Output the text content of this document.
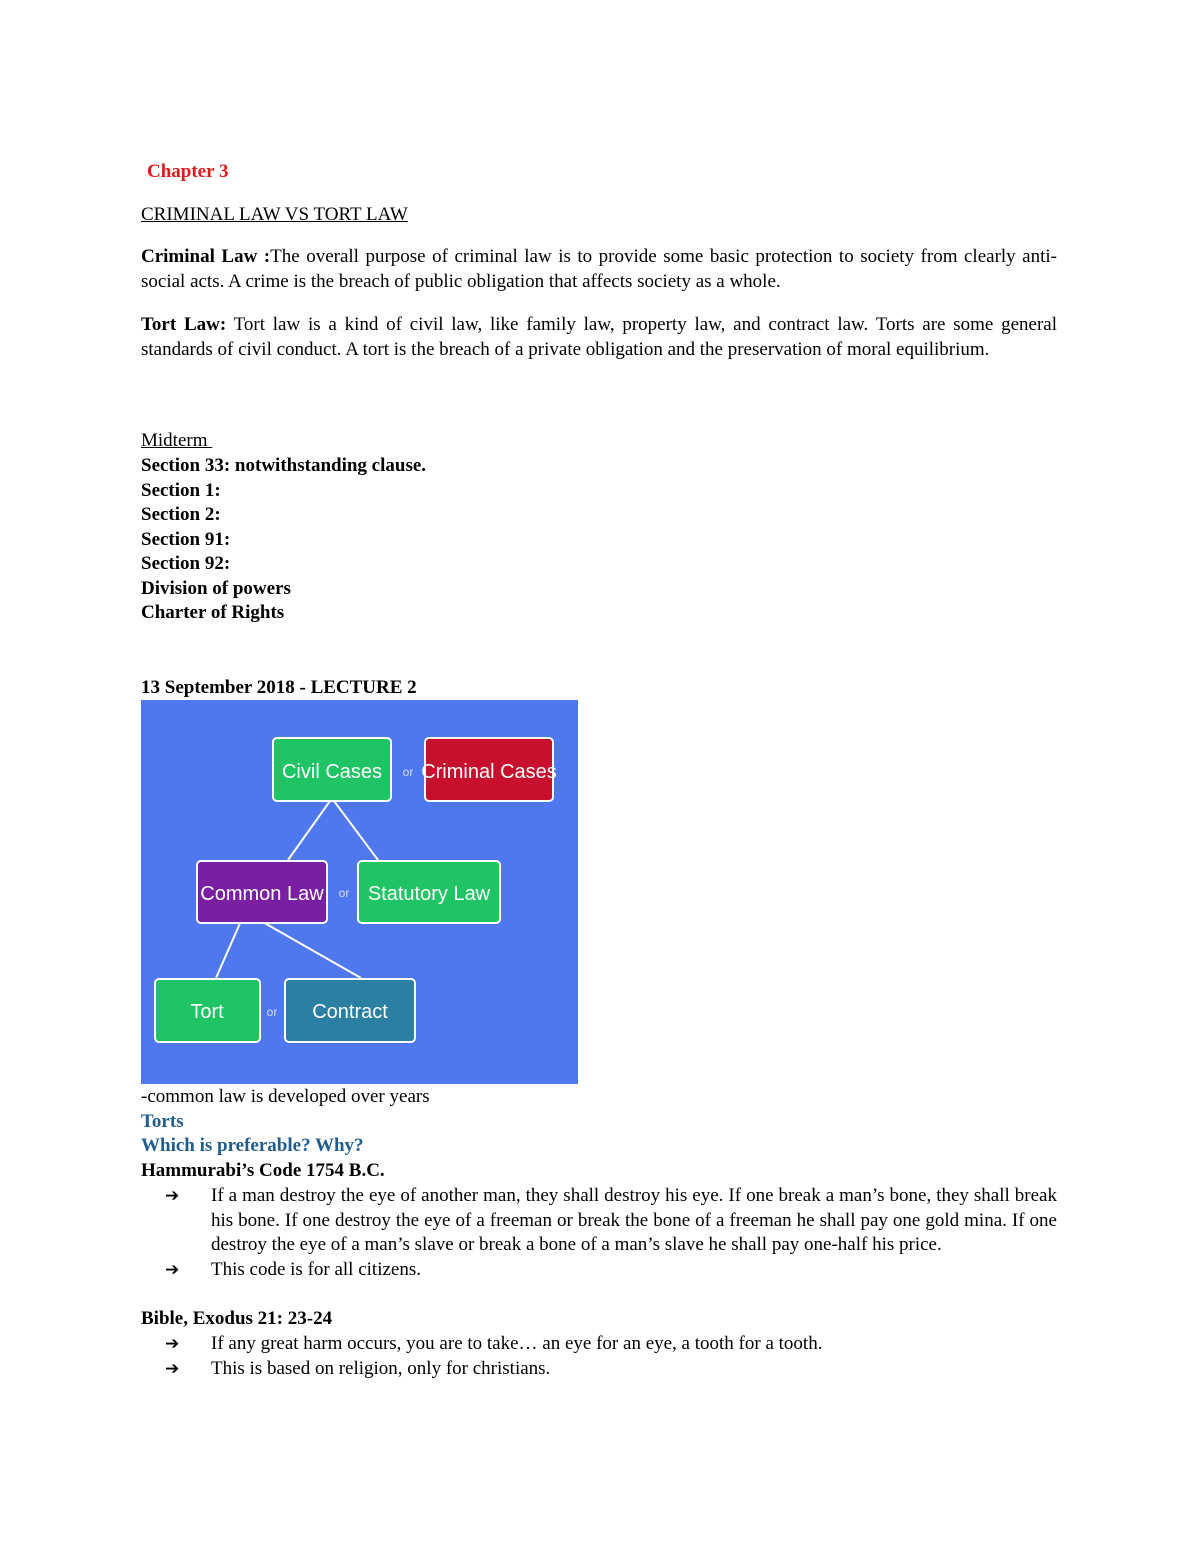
Chapter 3
CRIMINAL LAW VS TORT LAW
Criminal Law :The overall purpose of criminal law is to provide some basic protection to society from clearly anti-social acts. A crime is the breach of public obligation that affects society as a whole.
Tort Law: Tort law is a kind of civil law, like family law, property law, and contract law. Torts are some general standards of civil conduct. A tort is the breach of a private obligation and the preservation of moral equilibrium.
Midterm
Section 33: notwithstanding clause.
Section 1:
Section 2:
Section 91:
Section 92:
Division of powers
Charter of Rights
13 September 2018 - LECTURE 2
Civil Cases or Criminal Cases
Common Law or Statutory Law
Tort	or Contract
-common law is developed over years
Torts
Which is preferable? Why?
Hammurabi’s Code 1754 B.C.
➔ If a man destroy the eye of another man, they shall destroy his eye. If one break a man’s bone, they shall break his bone. If one destroy the eye of a freeman or break the bone of a freeman he shall pay one gold mina. If one destroy the eye of a man’s slave or break a bone of a man’s slave he shall pay one-half his price.
➔ This code is for all citizens.
Bible, Exodus 21: 23-24
➔ If any great harm occurs, you are to take… an eye for an eye, a tooth for a tooth.
➔ This is based on religion, only for christians.
